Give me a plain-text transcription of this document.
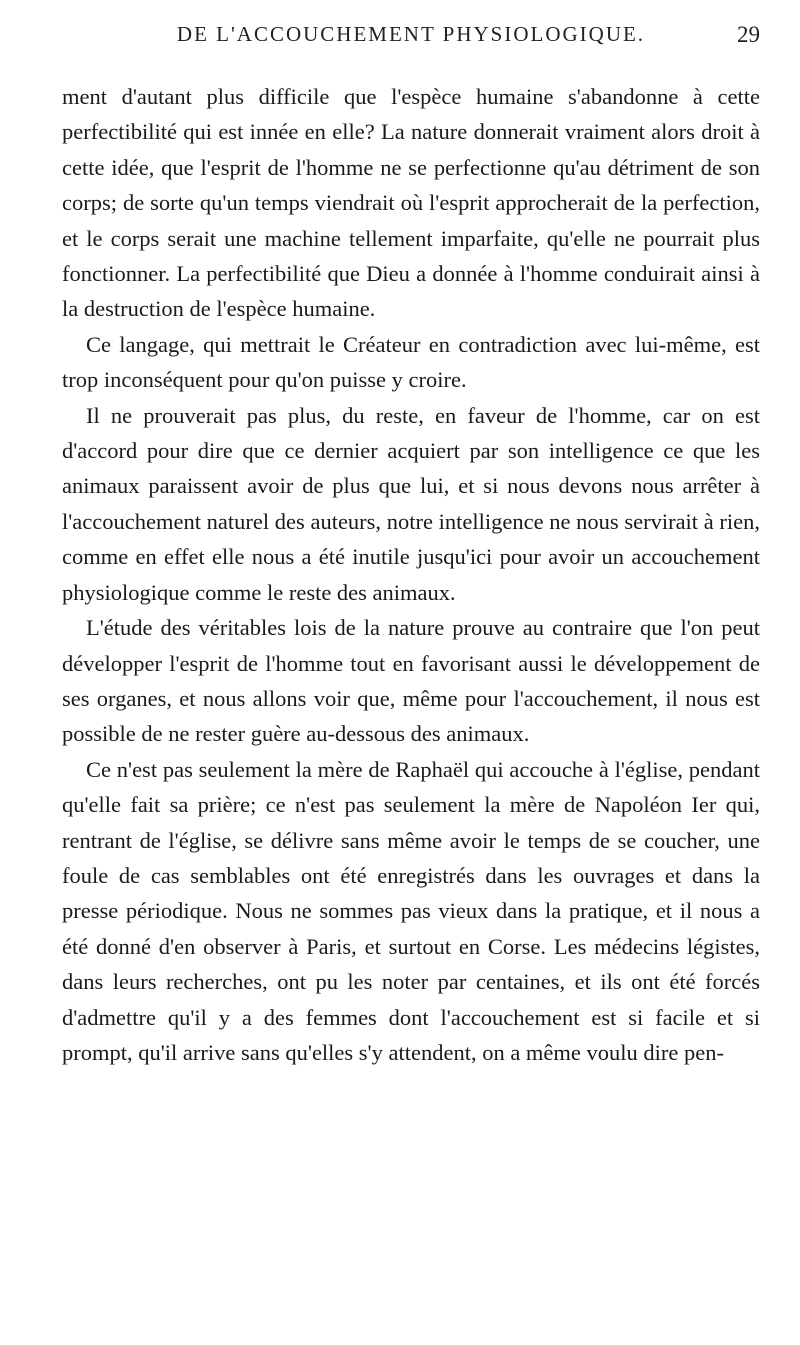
DE L'ACCOUCHEMENT PHYSIOLOGIQUE.	29

ment d'autant plus difficile que l'espèce humaine s'abandonne à cette perfectibilité qui est innée en elle? La nature donnerait vraiment alors droit à cette idée, que l'esprit de l'homme ne se perfectionne qu'au détriment de son corps; de sorte qu'un temps viendrait où l'esprit approcherait de la perfection, et le corps serait une machine tellement imparfaite, qu'elle ne pourrait plus fonctionner. La perfectibilité que Dieu a donnée à l'homme conduirait ainsi à la destruction de l'espèce humaine.

Ce langage, qui mettrait le Créateur en contradiction avec lui-même, est trop inconséquent pour qu'on puisse y croire.

Il ne prouverait pas plus, du reste, en faveur de l'homme, car on est d'accord pour dire que ce dernier acquiert par son intelligence ce que les animaux paraissent avoir de plus que lui, et si nous devons nous arrêter à l'accouchement naturel des auteurs, notre intelligence ne nous servirait à rien, comme en effet elle nous a été inutile jusqu'ici pour avoir un accouchement physiologique comme le reste des animaux.

L'étude des véritables lois de la nature prouve au contraire que l'on peut développer l'esprit de l'homme tout en favorisant aussi le développement de ses organes, et nous allons voir que, même pour l'accouchement, il nous est possible de ne rester guère au-dessous des animaux.

Ce n'est pas seulement la mère de Raphaël qui accouche à l'église, pendant qu'elle fait sa prière; ce n'est pas seulement la mère de Napoléon Ier qui, rentrant de l'église, se délivre sans même avoir le temps de se coucher, une foule de cas semblables ont été enregistrés dans les ouvrages et dans la presse périodique. Nous ne sommes pas vieux dans la pratique, et il nous a été donné d'en observer à Paris, et surtout en Corse. Les médecins légistes, dans leurs recherches, ont pu les noter par centaines, et ils ont été forcés d'admettre qu'il y a des femmes dont l'accouchement est si facile et si prompt, qu'il arrive sans qu'elles s'y attendent, on a même voulu dire pen-
